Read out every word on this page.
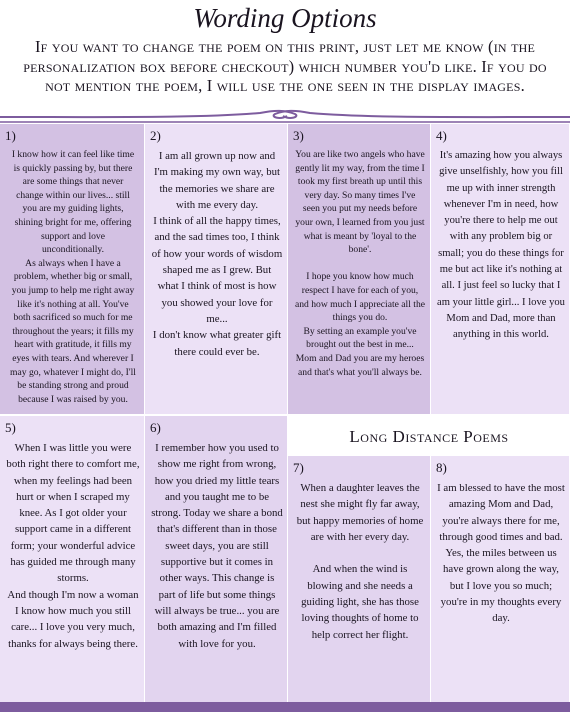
Wording Options
If you want to change the poem on this print, just let me know (in the personalization box before checkout) which number you'd like. If you do not mention the poem, I will use the one seen in the display images.
1)
I know how it can feel like time is quickly passing by, but there are some things that never change within our lives... still you are my guiding lights, shining bright for me, offering support and love unconditionally.
As always when I have a problem, whether big or small, you jump to help me right away like it's nothing at all. You've both sacrificed so much for me throughout the years; it fills my heart with gratitude, it fills my eyes with tears. And wherever I may go, whatever I might do, I'll be standing strong and proud because I was raised by you.
2)
I am all grown up now and I'm making my own way, but the memories we share are with me every day.
I think of all the happy times, and the sad times too, I think of how your words of wisdom shaped me as I grew. But what I think of most is how you showed your love for me...
I don't know what greater gift there could ever be.
3)
You are like two angels who have gently lit my way, from the time I took my first breath up until this very day. So many times I've seen you put my needs before your own, I learned from you just what is meant by 'loyal to the bone'.

I hope you know how much respect I have for each of you, and how much I appreciate all the things you do.
By setting an example you've brought out the best in me... Mom and Dad you are my heroes and that's what you'll always be.
4)
It's amazing how you always give unselfishly, how you fill me up with inner strength whenever I'm in need, how you're there to help me out with any problem big or small; you do these things for me but act like it's nothing at all. I just feel so lucky that I am your little girl... I love you Mom and Dad, more than anything in this world.
5)
When I was little you were both right there to comfort me, when my feelings had been hurt or when I scraped my knee. As I got older your support came in a different form; your wonderful advice has guided me through many storms.
And though I'm now a woman I know how much you still care... I love you very much, thanks for always being there.
6)
I remember how you used to show me right from wrong, how you dried my little tears and you taught me to be strong. Today we share a bond that's different than in those sweet days, you are still supportive but it comes in other ways. This change is part of life but some things will always be true... you are both amazing and I'm filled with love for you.
Long Distance Poems
7)
When a daughter leaves the nest she might fly far away, but happy memories of home are with her every day.

And when the wind is blowing and she needs a guiding light, she has those loving thoughts of home to help correct her flight.
8)
I am blessed to have the most amazing Mom and Dad, you're always there for me, through good times and bad. Yes, the miles between us have grown along the way, but I love you so much; you're in my thoughts every day.
